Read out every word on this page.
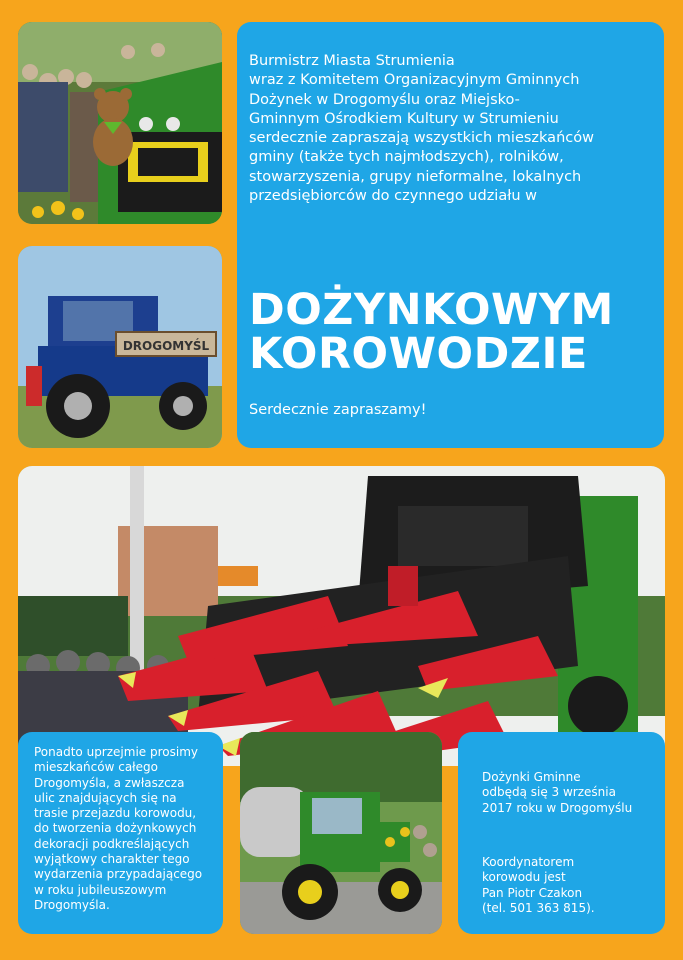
DROGOMYŚL
Burmistrz Miasta Strumienia
wraz z Komitetem Organizacyjnym Gminnych
Dożynek w Drogomyślu oraz Miejsko-
Gminnym Ośrodkiem Kultury w Strumieniu
serdecznie zapraszają wszystkich mieszkańców
gminy (także tych najmłodszych), rolników,
stowarzyszenia, grupy nieformalne, lokalnych
przedsiębiorców do czynnego udziału w
DOŻYNKOWYM
KOROWODZIE
Serdecznie zapraszamy!
Ponadto uprzejmie prosimy
mieszkańców całego
Drogomyśla, a zwłaszcza
ulic znajdujących się na
trasie przejazdu korowodu,
do tworzenia dożynkowych
dekoracji podkreślających
wyjątkowy charakter tego
wydarzenia przypadającego
w roku jubileuszowym
Drogomyśla.
Dożynki Gminne
odbędą się 3 września
2017 roku w Drogomyślu
Koordynatorem
korowodu jest
Pan Piotr Czakon
(tel. 501 363 815).
